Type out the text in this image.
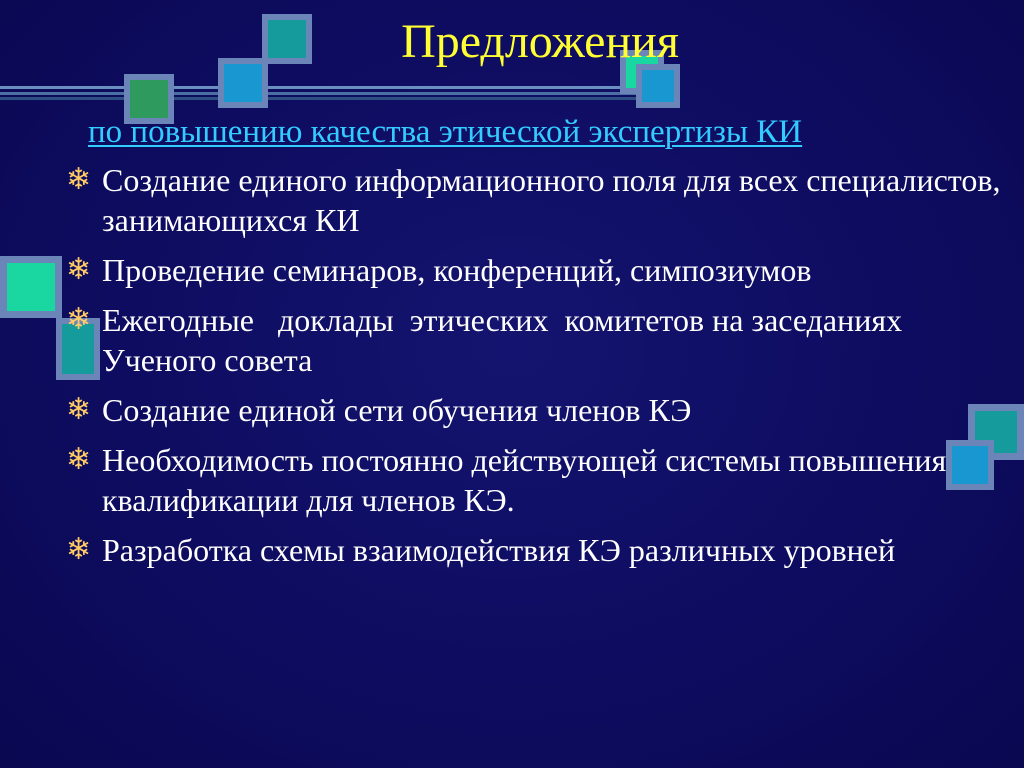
Предложения
по повышению качества этической экспертизы КИ
❄ Создание единого информационного поля для всех специалистов, занимающихся КИ
❄ Проведение семинаров, конференций, симпозиумов
❄ Ежегодные   доклады  этических  комитетов на заседаниях Ученого совета
❄ Создание единой сети обучения членов КЭ
❄ Необходимость постоянно действующей системы повышения квалификации для членов КЭ.
❄ Разработка схемы взаимодействия КЭ различных уровней
